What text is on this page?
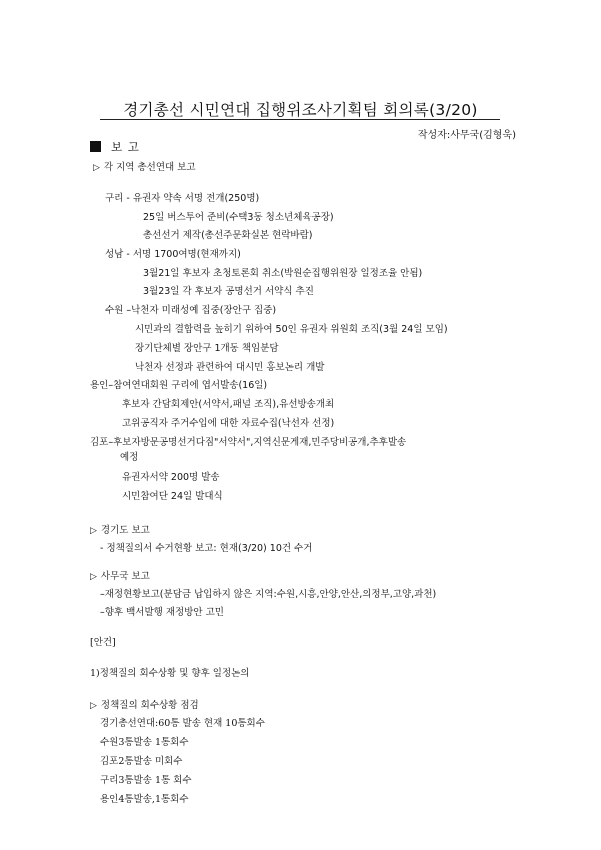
경기총선 시민연대 집행위조사기획팀 회의록(3/20)
작성자:사무국(김형욱)
보 고
▷ 각 지역 총선연대 보고
구리 - 유권자 약속 서명 전개(250명)
25일 버스투어 준비(수택3동 청소년체육공장)
총선선거 제작(총선주문화실본 현락바람)
성남 - 서명 1700여명(현재까지)
3월21일 후보자 초청토론회 취소(박원순집행위원장 일정조율 안됨)
3월23일 각 후보자 공명선거 서약식 추진
수원 –낙천자 미래성예 집중(장안구 집중)
시민과의 결합력을 높히기 위하여 50인 유권자 위원회 조직(3월 24일 모임)
장기단체별 장안구 1개동 책임분담
낙천자 선정과 관련하여 대시민 홍보논리 개발
용인–참여연대회원 구리에 엽서발송(16일)
후보자 간담회제안(서약서,패널 조직),유선방송개최
고위공직자 주거수입에 대한 자료수집(낙선자 선정)
김포–후보자방문공명선거다짐"서약서",지역신문게재,민주당비공개,추후발송
예정
유권자서약 200명 발송
시민참여단 24일 발대식
▷ 경기도 보고
- 정책질의서 수거현황 보고: 현재(3/20) 10건 수거
▷ 사무국 보고
–재정현황보고(분담금 납입하지 않은 지역:수원,시흥,안양,안산,의정부,고양,과천)
–향후 백서발행 재정방안 고민
[안건]
1)정책질의 회수상황 및 향후 일정논의
▷ 정책질의 회수상황 점검
경기총선연대:60통 발송 현재 10통회수
수원3통발송 1통회수
김포2통발송 미회수
구리3통발송 1통 회수
용인4통발송,1통회수
